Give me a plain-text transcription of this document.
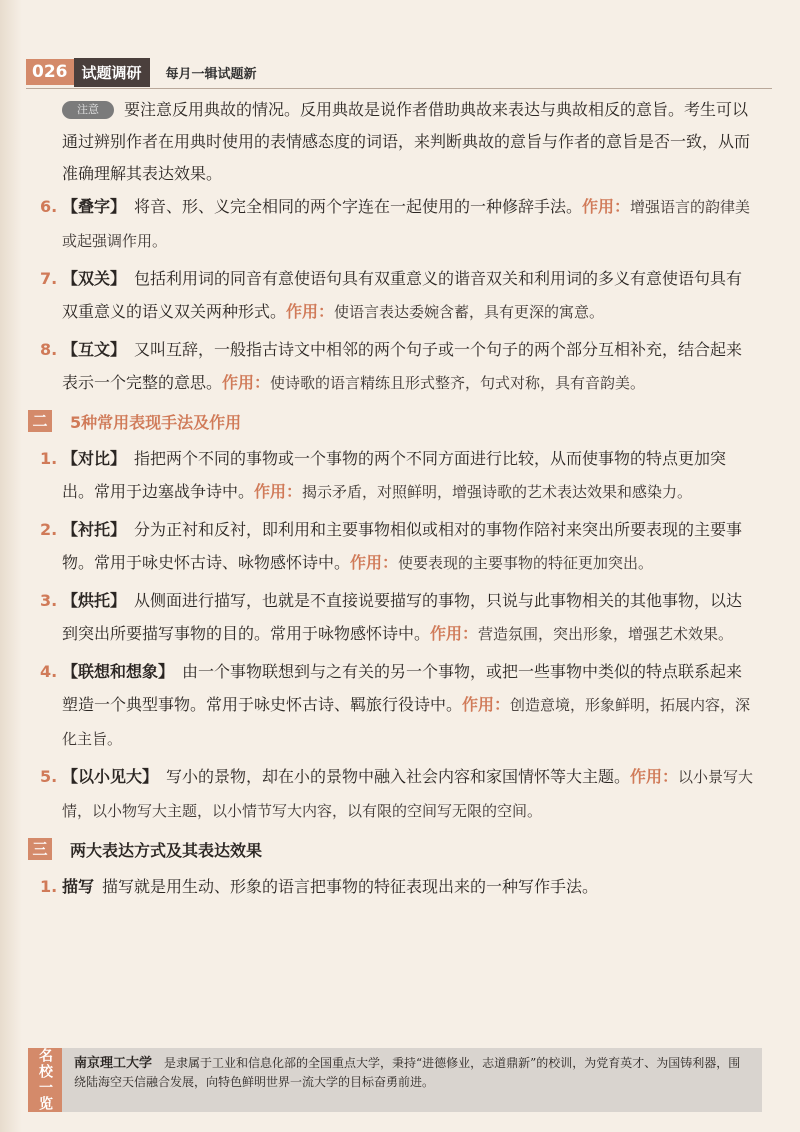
026 试题调研	每月一辑试题新

注意 要注意反用典故的情况。反用典故是说作者借助典故来表达与典故相反的意旨。考生可以通过辨别作者在用典时使用的表情感态度的词语，来判断典故的意旨与作者的意旨是否一致，从而准确理解其表达效果。

6. 【叠字】 将音、形、义完全相同的两个字连在一起使用的一种修辞手法。作用：增强语言的韵律美或起强调作用。

7. 【双关】 包括利用词的同音有意使语句具有双重意义的谐音双关和利用词的多义有意使语句具有双重意义的语义双关两种形式。作用：使语言表达委婉含蓄，具有更深的寓意。

8. 【互文】 又叫互辞，一般指古诗文中相邻的两个句子或一个句子的两个部分互相补充，结合起来表示一个完整的意思。作用：使诗歌的语言精练且形式整齐，句式对称，具有音韵美。

二 5种常用表现手法及作用

1. 【对比】 指把两个不同的事物或一个事物的两个不同方面进行比较，从而使事物的特点更加突出。常用于边塞战争诗中。作用：揭示矛盾，对照鲜明，增强诗歌的艺术表达效果和感染力。

2. 【衬托】 分为正衬和反衬，即利用和主要事物相似或相对的事物作陪衬来突出所要表现的主要事物。常用于咏史怀古诗、咏物感怀诗中。作用：使要表现的主要事物的特征更加突出。

3. 【烘托】 从侧面进行描写，也就是不直接说要描写的事物，只说与此事物相关的其他事物，以达到突出所要描写事物的目的。常用于咏物感怀诗中。作用：营造氛围，突出形象，增强艺术效果。

4. 【联想和想象】 由一个事物联想到与之有关的另一个事物，或把一些事物中类似的特点联系起来塑造一个典型事物。常用于咏史怀古诗、羁旅行役诗中。作用：创造意境，形象鲜明，拓展内容，深化主旨。

5. 【以小见大】 写小的景物，却在小的景物中融入社会内容和家国情怀等大主题。作用：以小景写大情，以小物写大主题，以小情节写大内容，以有限的空间写无限的空间。

三 两大表达方式及其表达效果

1. 描写 描写就是用生动、形象的语言把事物的特征表现出来的一种写作手法。

名校一览	南京理工大学 是隶属于工业和信息化部的全国重点大学，秉持“进德修业，志道鼎新”的校训，为党育英才、为国铸利器，围绕陆海空天信融合发展，向特色鲜明世界一流大学的目标奋勇前进。
